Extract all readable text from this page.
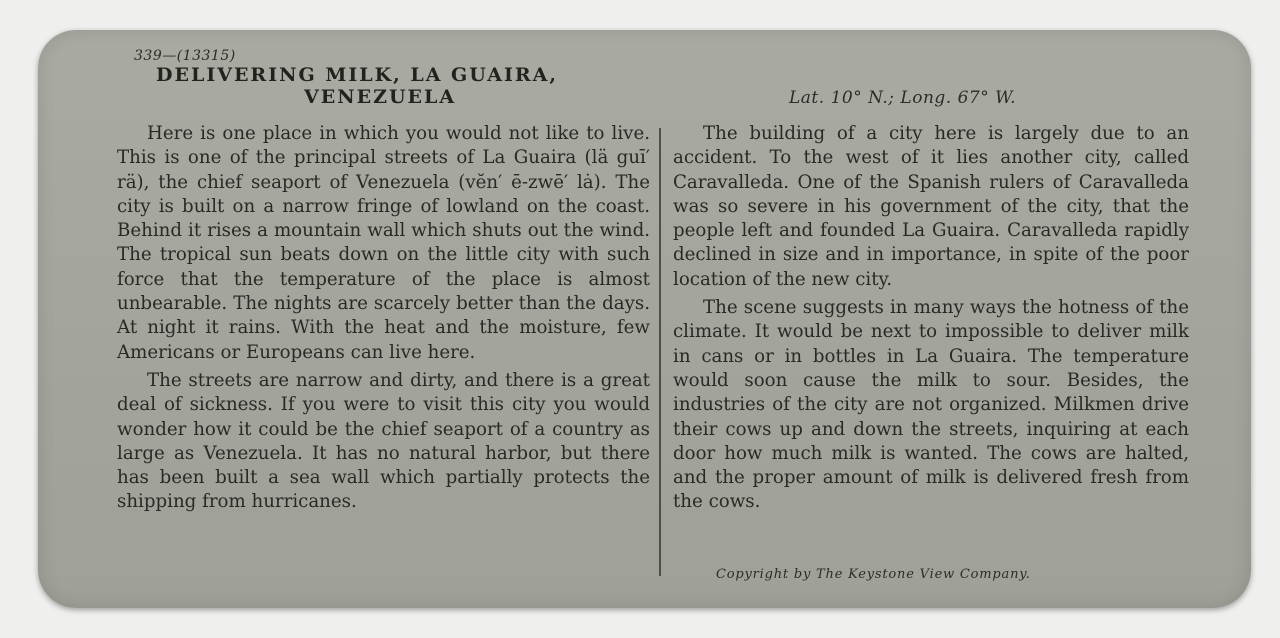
339—(13315)
DELIVERING MILK, LA GUAIRA,
VENEZUELA	Lat. 10° N.; Long. 67° W.

Here is one place in which you would not like to live. This is one of the principal streets of La Guaira (lä guī′ rä), the chief seaport of Venezuela (vĕn′ ē-zwē′ lȧ). The city is built on a narrow fringe of lowland on the coast. Behind it rises a mountain wall which shuts out the wind. The tropical sun beats down on the little city with such force that the temperature of the place is almost unbearable. The nights are scarcely better than the days. At night it rains. With the heat and the moisture, few Americans or Europeans can live here.

The streets are narrow and dirty, and there is a great deal of sickness. If you were to visit this city you would wonder how it could be the chief seaport of a country as large as Venezuela. It has no natural harbor, but there has been built a sea wall which partially protects the shipping from hurricanes.

The building of a city here is largely due to an accident. To the west of it lies another city, called Caravalleda. One of the Spanish rulers of Caravalleda was so severe in his government of the city, that the people left and founded La Guaira. Caravalleda rapidly declined in size and in importance, in spite of the poor location of the new city.

The scene suggests in many ways the hotness of the climate. It would be next to impossible to deliver milk in cans or in bottles in La Guaira. The temperature would soon cause the milk to sour. Besides, the industries of the city are not organized. Milkmen drive their cows up and down the streets, inquiring at each door how much milk is wanted. The cows are halted, and the proper amount of milk is delivered fresh from the cows.

Copyright by The Keystone View Company.
